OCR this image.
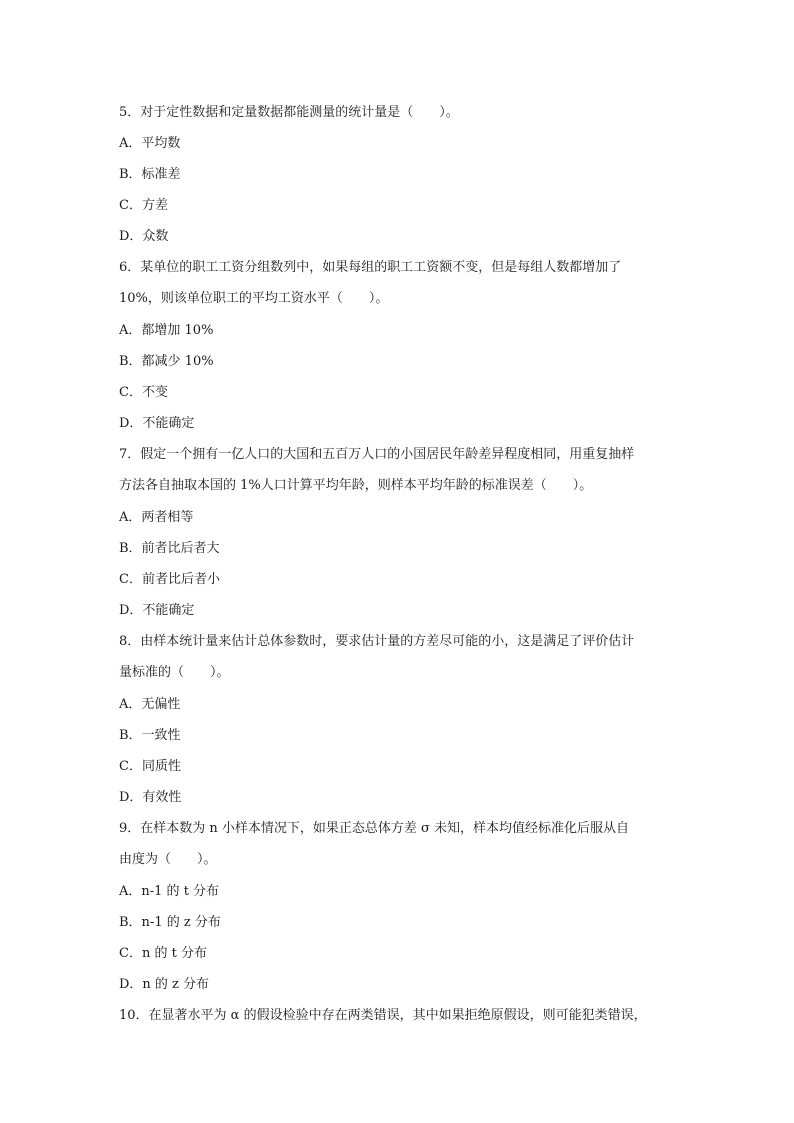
5．对于定性数据和定量数据都能测量的统计量是（　　）。
A．平均数
B．标准差
C．方差
D．众数
6．某单位的职工工资分组数列中，如果每组的职工工资额不变，但是每组人数都增加了
10%，则该单位职工的平均工资水平（　　）。
A．都增加 10%
B．都减少 10%
C．不变
D．不能确定
7．假定一个拥有一亿人口的大国和五百万人口的小国居民年龄差异程度相同，用重复抽样
方法各自抽取本国的 1%人口计算平均年龄，则样本平均年龄的标准误差（　　）。
A．两者相等
B．前者比后者大
C．前者比后者小
D．不能确定
8．由样本统计量来估计总体参数时，要求估计量的方差尽可能的小，这是满足了评价估计
量标准的（　　）。
A．无偏性
B．一致性
C．同质性
D．有效性
9．在样本数为 n 小样本情况下，如果正态总体方差 σ 未知，样本均值经标准化后服从自
由度为（　　）。
A．n-1 的 t 分布
B．n-1 的 z 分布
C．n 的 t 分布
D．n 的 z 分布
10．在显著水平为 α 的假设检验中存在两类错误，其中如果拒绝原假设，则可能犯类错误，
